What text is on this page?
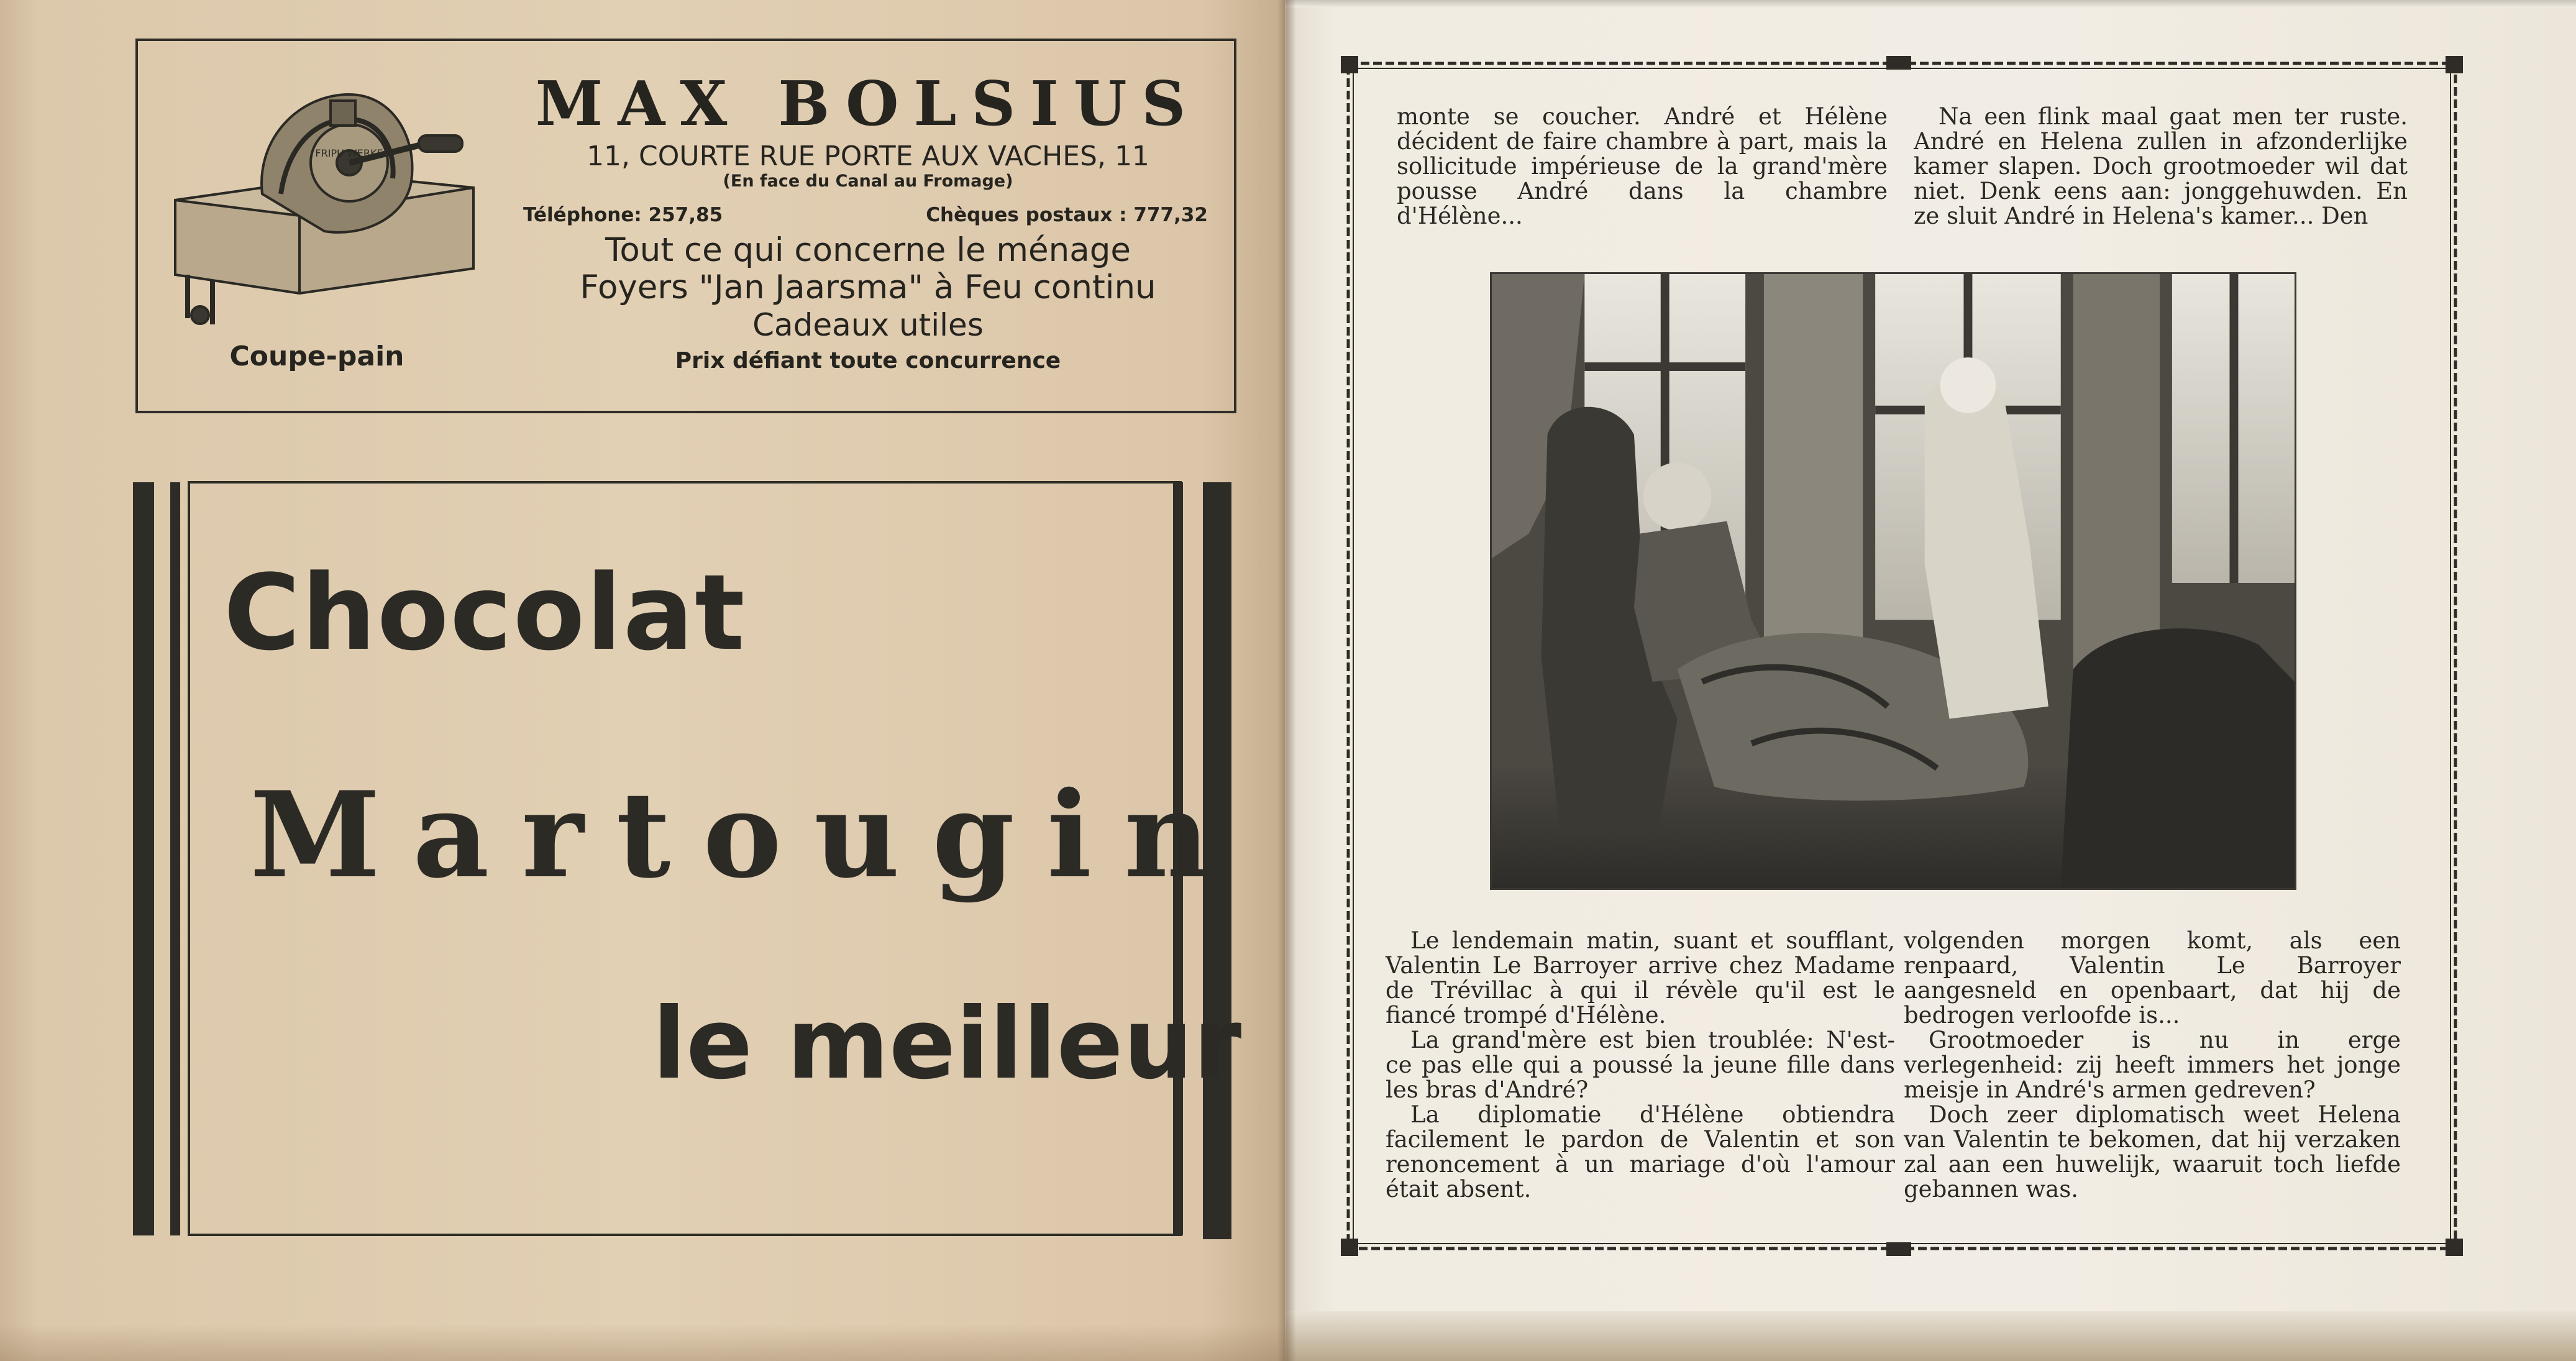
FRIPU WERKE
Coupe-pain
MAX BOLSIUS
11, COURTE RUE PORTE AUX VACHES, 11
(En face du Canal au Fromage)
Téléphone: 257,85	Chèques postaux : 777,32
Tout ce qui concerne le ménage
Foyers "Jan Jaarsma" à Feu continu
Cadeaux utiles
Prix défiant toute concurrence
Chocolat
Martougin
le meilleur

monte se coucher. André et Hélène décident de faire chambre à part, mais la sollicitude impérieuse de la grand'mère pousse André dans la chambre d'Hélène...

Na een flink maal gaat men ter ruste. André en Helena zullen in afzonderlijke kamer slapen. Doch grootmoeder wil dat niet. Denk eens aan: jonggehuwden. En ze sluit André in Helena's kamer... Den

Le lendemain matin, suant et soufflant, Valentin Le Barroyer arrive chez Madame de Trévillac à qui il révèle qu'il est le fiancé trompé d'Hélène.

La grand'mère est bien troublée: N'est-ce pas elle qui a poussé la jeune fille dans les bras d'André?

La diplomatie d'Hélène obtiendra facilement le pardon de Valentin et son renoncement à un mariage d'où l'amour était absent.

volgenden morgen komt, als een renpaard, Valentin Le Barroyer aangesneld en openbaart, dat hij de bedrogen verloofde is...

Grootmoeder is nu in erge verlegenheid: zij heeft immers het jonge meisje in André's armen gedreven?

Doch zeer diplomatisch weet Helena van Valentin te bekomen, dat hij verzaken zal aan een huwelijk, waaruit toch liefde gebannen was.
